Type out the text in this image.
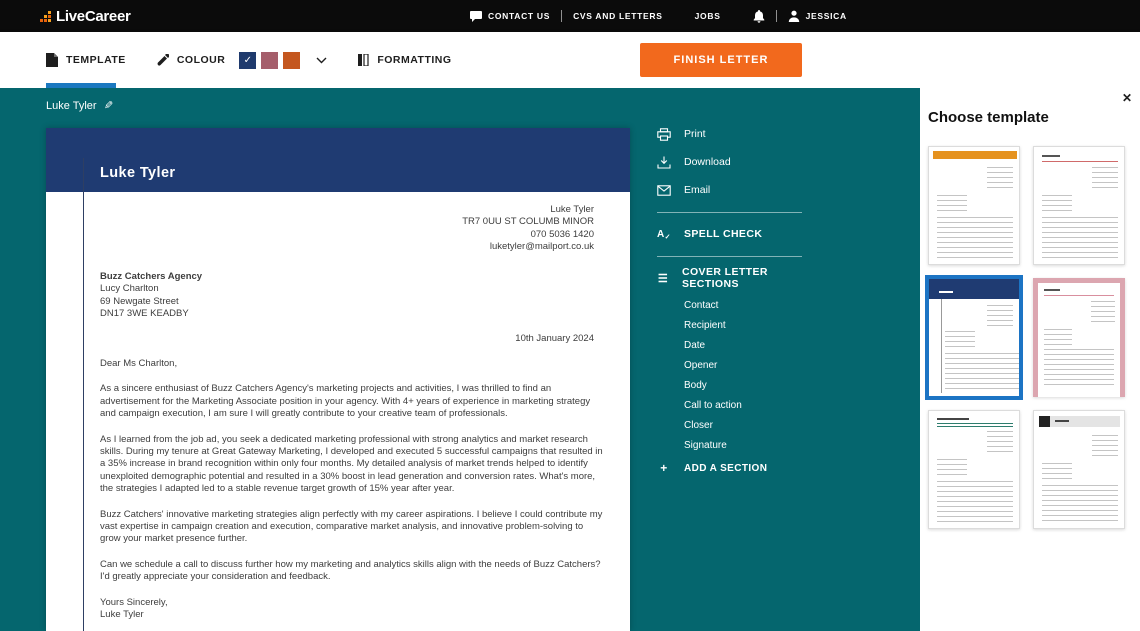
LiveCareer	CONTACT US	CVS AND LETTERS	JOBS	JESSICA
TEMPLATE	COLOUR ✓	FORMATTING	FINISH LETTER
Luke Tyler ✎
Luke Tyler
Luke Tyler
TR7 0UU ST COLUMB MINOR
070 5036 1420
luketyler@mailport.co.uk
Buzz Catchers Agency
Lucy Charlton
69 Newgate Street
DN17 3WE KEADBY
10th January 2024
Dear Ms Charlton,

As a sincere enthusiast of Buzz Catchers Agency's marketing projects and activities, I was thrilled to find an advertisement for the Marketing Associate position in your agency. With 4+ years of experience in marketing strategy and campaign execution, I am sure I will greatly contribute to your creative team of professionals.

As I learned from the job ad, you seek a dedicated marketing professional with strong analytics and market research skills. During my tenure at Great Gateway Marketing, I developed and executed 5 successful campaigns that resulted in a 35% increase in brand recognition within only four months. My detailed analysis of market trends helped to identify unexploited demographic potential and resulted in a 30% boost in lead generation and conversion rates. What's more, the strategies I adapted led to a stable revenue target growth of 15% year after year.

Buzz Catchers' innovative marketing strategies align perfectly with my career aspirations. I believe I could contribute my vast expertise in campaign creation and execution, comparative market analysis, and innovative problem-solving to grow your market presence further.

Can we schedule a call to discuss further how my marketing and analytics skills align with the needs of Buzz Catchers? I'd greatly appreciate your consideration and feedback.

Yours Sincerely,
Luke Tyler
Print
Download
Email
$A_✓$ SPELL CHECK
☰
COVER LETTER SECTIONS
Contact
Recipient
Date
Opener
Body
Call to action
Closer
Signature
+	ADD A SECTION
✕
Choose template
